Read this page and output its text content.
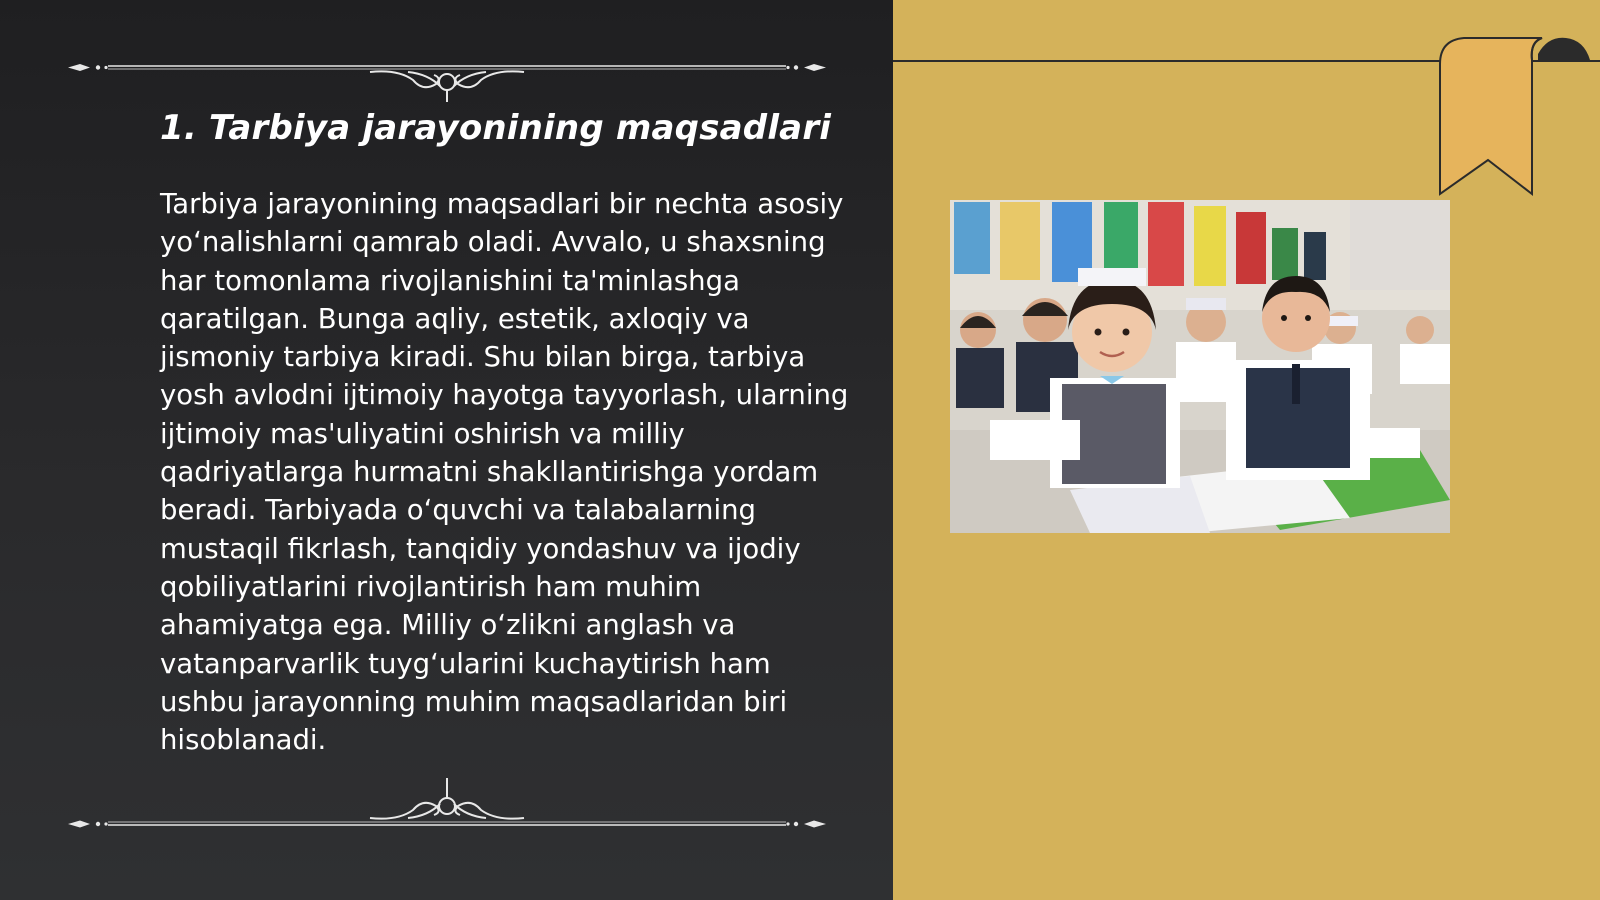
1. Tarbiya jarayonining maqsadlari

Tarbiya jarayonining maqsadlari bir nechta asosiy yoʻnalishlarni qamrab oladi. Avvalo, u shaxsning har tomonlama rivojlanishini ta'minlashga qaratilgan. Bunga aqliy, estetik, axloqiy va jismoniy tarbiya kiradi. Shu bilan birga, tarbiya yosh avlodni ijtimoiy hayotga tayyorlash, ularning ijtimoiy mas'uliyatini oshirish va milliy qadriyatlarga hurmatni shakllantirishga yordam beradi. Tarbiyada oʻquvchi va talabalarning mustaqil fikrlash, tanqidiy yondashuv va ijodiy qobiliyatlarini rivojlantirish ham muhim ahamiyatga ega. Milliy oʻzlikni anglash va vatanparvarlik tuygʻularini kuchaytirish ham ushbu jarayonning muhim maqsadlaridan biri hisoblanadi.
